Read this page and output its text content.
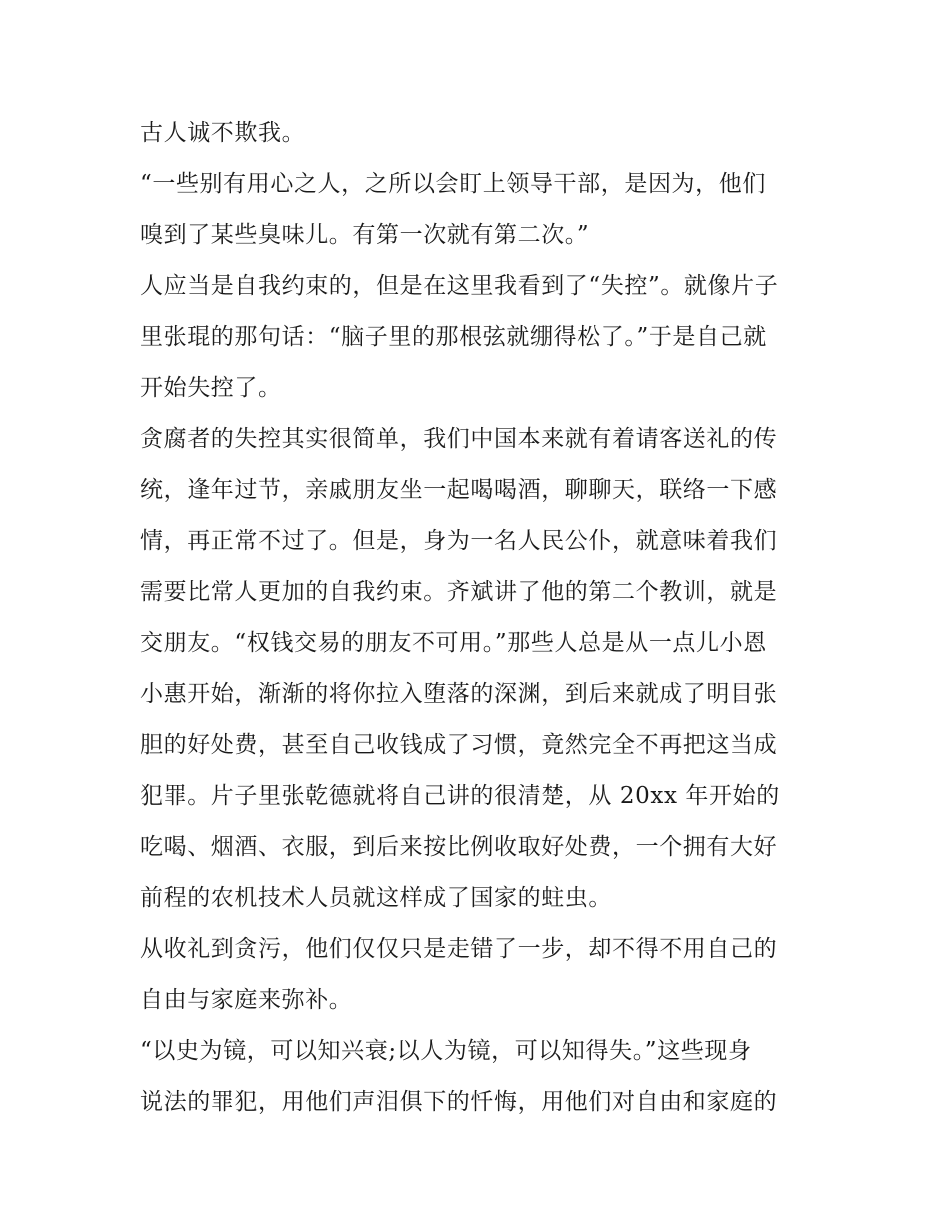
古人诚不欺我。
“一些别有用心之人，之所以会盯上领导干部，是因为，他们
嗅到了某些臭味儿。有第一次就有第二次。”
人应当是自我约束的，但是在这里我看到了“失控”。就像片子
里张琨的那句话：“脑子里的那根弦就绷得松了。”于是自己就
开始失控了。
贪腐者的失控其实很简单，我们中国本来就有着请客送礼的传
统，逢年过节，亲戚朋友坐一起喝喝酒，聊聊天，联络一下感
情，再正常不过了。但是，身为一名人民公仆，就意味着我们
需要比常人更加的自我约束。齐斌讲了他的第二个教训，就是
交朋友。“权钱交易的朋友不可用。”那些人总是从一点儿小恩
小惠开始，渐渐的将你拉入堕落的深渊，到后来就成了明目张
胆的好处费，甚至自己收钱成了习惯，竟然完全不再把这当成
犯罪。片子里张乾德就将自己讲的很清楚，从 20xx 年开始的
吃喝、烟酒、衣服，到后来按比例收取好处费，一个拥有大好
前程的农机技术人员就这样成了国家的蛀虫。
从收礼到贪污，他们仅仅只是走错了一步，却不得不用自己的
自由与家庭来弥补。
“以史为镜，可以知兴衰;以人为镜，可以知得失。”这些现身
说法的罪犯，用他们声泪俱下的忏悔，用他们对自由和家庭的
